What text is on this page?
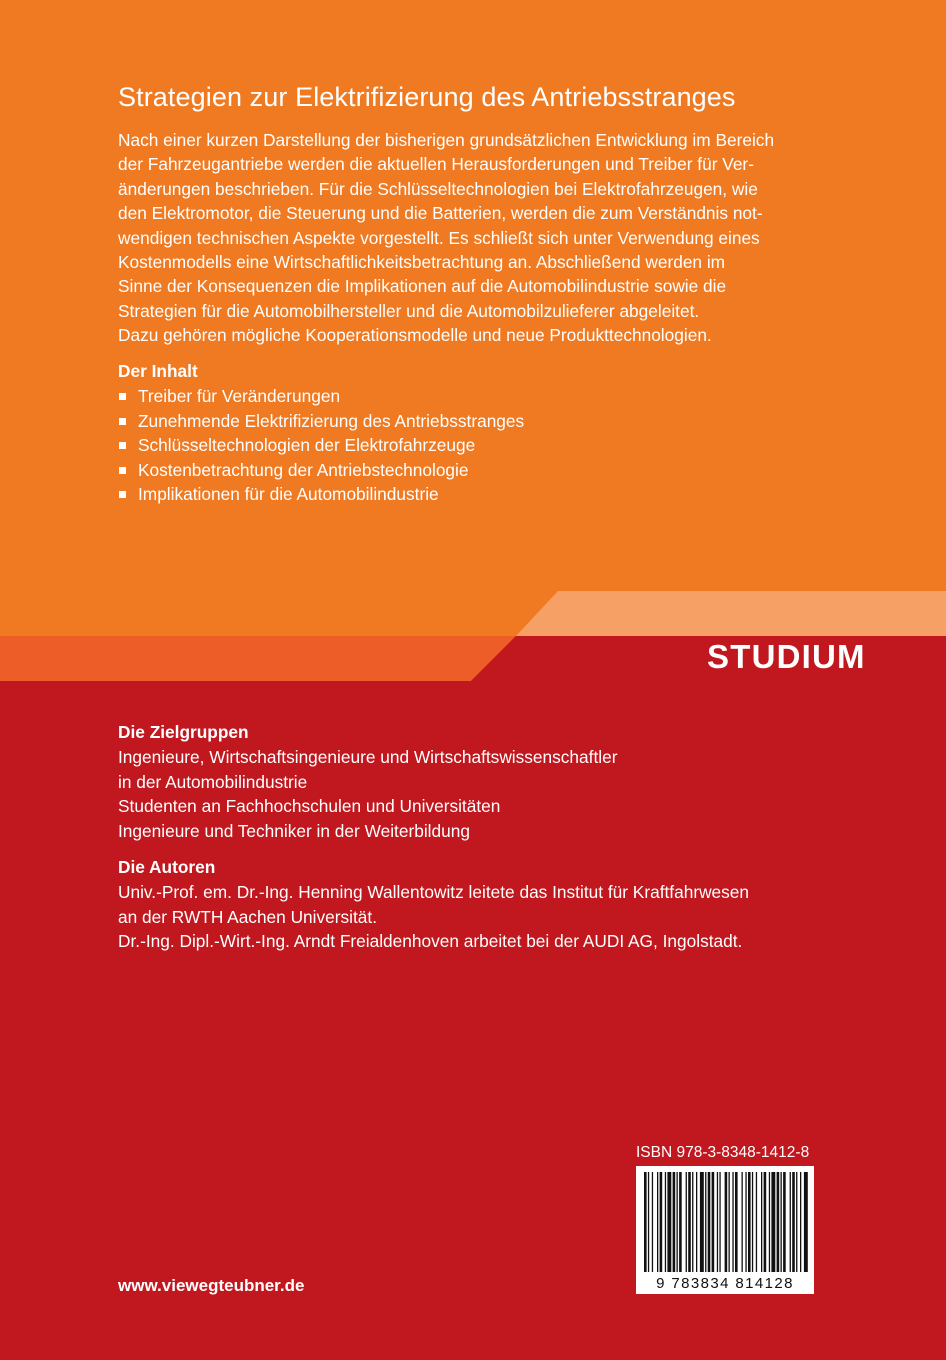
Strategien zur Elektrifizierung des Antriebsstranges

Nach einer kurzen Darstellung der bisherigen grundsätzlichen Entwicklung im Bereich
der Fahrzeugantriebe werden die aktuellen Herausforderungen und Treiber für Ver-
änderungen beschrieben. Für die Schlüsseltechnologien bei Elektrofahrzeugen, wie
den Elektromotor, die Steuerung und die Batterien, werden die zum Verständnis not-
wendigen technischen Aspekte vorgestellt. Es schließt sich unter Verwendung eines
Kostenmodells eine Wirtschaftlichkeitsbetrachtung an. Abschließend werden im
Sinne der Konsequenzen die Implikationen auf die Automobilindustrie sowie die
Strategien für die Automobilhersteller und die Automobilzulieferer abgeleitet.
Dazu gehören mögliche Kooperationsmodelle und neue Produkttechnologien.

Der Inhalt
Treiber für Veränderungen
Zunehmende Elektrifizierung des Antriebsstranges
Schlüsseltechnologien der Elektrofahrzeuge
Kostenbetrachtung der Antriebstechnologie
Implikationen für die Automobilindustrie
STUDIUM
Die Zielgruppen

Ingenieure, Wirtschaftsingenieure und Wirtschaftswissenschaftler
in der Automobilindustrie
Studenten an Fachhochschulen und Universitäten
Ingenieure und Techniker in der Weiterbildung

Die Autoren

Univ.-Prof. em. Dr.-Ing. Henning Wallentowitz leitete das Institut für Kraftfahrwesen
an der RWTH Aachen Universität.
Dr.-Ing. Dipl.-Wirt.-Ing. Arndt Freialdenhoven arbeitet bei der AUDI AG, Ingolstadt.

ISBN 978-3-8348-1412-8
9 783834 814128
www.viewegteubner.de
